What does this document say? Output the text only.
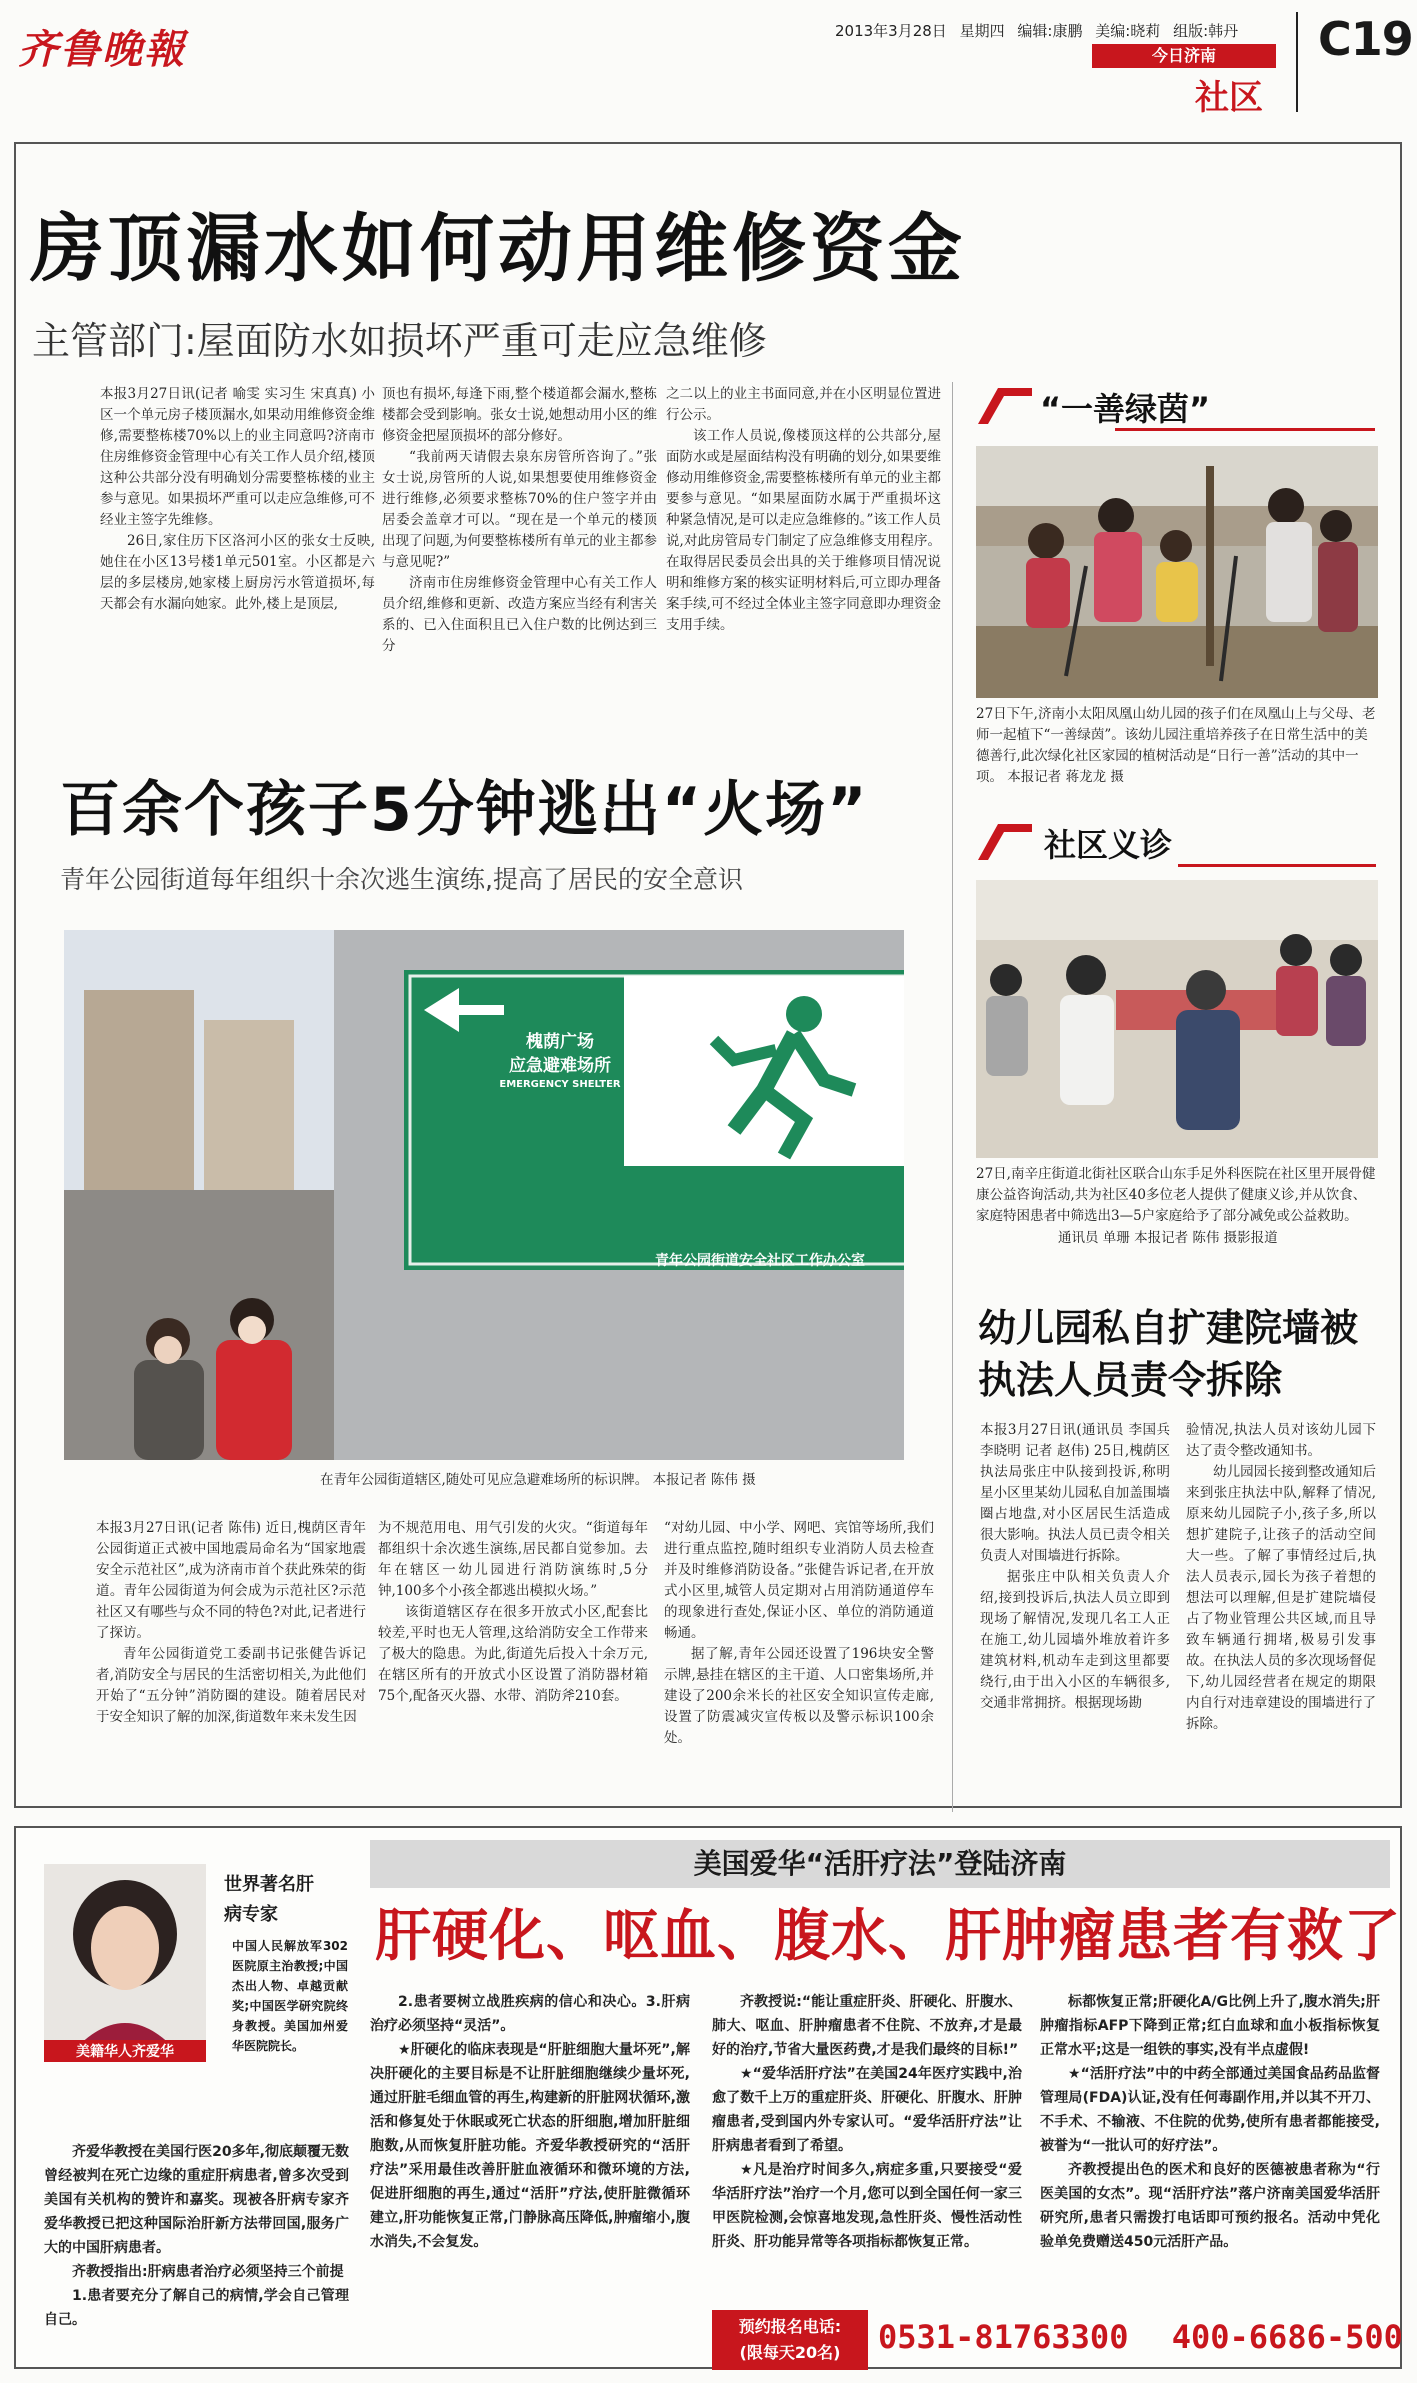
齐鲁晚報	2013年3月28日 星期四 编辑:康鹏 美编:晓莉 组版:韩丹
今日济南
社区
C19
房顶漏水如何动用维修资金
主管部门:屋面防水如损坏严重可走应急维修

本报3月27日讯(记者 喻雯 实习生 宋真真) 小区一个单元房子楼顶漏水,如果动用维修资金维修,需要整栋楼70%以上的业主同意吗?济南市住房维修资金管理中心有关工作人员介绍,楼顶这种公共部分没有明确划分需要整栋楼的业主参与意见。如果损坏严重可以走应急维修,可不经业主签字先维修。

26日,家住历下区洛河小区的张女士反映,她住在小区13号楼1单元501室。小区都是六层的多层楼房,她家楼上厨房污水管道损坏,每天都会有水漏向她家。此外,楼上是顶层,

顶也有损坏,每逢下雨,整个楼道都会漏水,整栋楼都会受到影响。张女士说,她想动用小区的维修资金把屋顶损坏的部分修好。

“我前两天请假去泉东房管所咨询了。”张女士说,房管所的人说,如果想要使用维修资金进行维修,必须要求整栋70%的住户签字并由居委会盖章才可以。“现在是一个单元的楼顶出现了问题,为何要整栋楼所有单元的业主都参与意见呢?”

济南市住房维修资金管理中心有关工作人员介绍,维修和更新、改造方案应当经有利害关系的、已入住面积且已入住户数的比例达到三分

之二以上的业主书面同意,并在小区明显位置进行公示。

该工作人员说,像楼顶这样的公共部分,屋面防水或是屋面结构没有明确的划分,如果要维修动用维修资金,需要整栋楼所有单元的业主都要参与意见。“如果屋面防水属于严重损坏这种紧急情况,是可以走应急维修的。”该工作人员说,对此房管局专门制定了应急维修支用程序。在取得居民委员会出具的关于维修项目情况说明和维修方案的核实证明材料后,可立即办理备案手续,可不经过全体业主签字同意即办理资金支用手续。

“一善绿茵”
27日下午,济南小太阳凤凰山幼儿园的孩子们在凤凰山上与父母、老师一起植下“一善绿茵”。该幼儿园注重培养孩子在日常生活中的美德善行,此次绿化社区家园的植树活动是“日行一善”活动的其中一项。 本报记者 蒋龙龙 摄
社区义诊
27日,南辛庄街道北街社区联合山东手足外科医院在社区里开展骨健康公益咨询活动,共为社区40多位老人提供了健康义诊,并从饮食、家庭特困患者中筛选出3—5户家庭给予了部分减免或公益救助。
通讯员 单珊 本报记者 陈伟 摄影报道
幼儿园私自扩建院墙被执法人员责令拆除

本报3月27日讯(通讯员 李国兵 李晓明 记者 赵伟) 25日,槐荫区执法局张庄中队接到投诉,称明星小区里某幼儿园私自加盖围墙圈占地盘,对小区居民生活造成很大影响。执法人员已责令相关负责人对围墙进行拆除。

据张庄中队相关负责人介绍,接到投诉后,执法人员立即到现场了解情况,发现几名工人正在施工,幼儿园墙外堆放着许多建筑材料,机动车走到这里都要绕行,由于出入小区的车辆很多,交通非常拥挤。根据现场勘

验情况,执法人员对该幼儿园下达了责令整改通知书。

幼儿园园长接到整改通知后来到张庄执法中队,解释了情况,原来幼儿园院子小,孩子多,所以想扩建院子,让孩子的活动空间大一些。了解了事情经过后,执法人员表示,园长为孩子着想的想法可以理解,但是扩建院墙侵占了物业管理公共区域,而且导致车辆通行拥堵,极易引发事故。在执法人员的多次现场督促下,幼儿园经营者在规定的期限内自行对违章建设的围墙进行了拆除。

百余个孩子5分钟逃出“火场”
青年公园街道每年组织十余次逃生演练,提高了居民的安全意识
槐荫广场
应急避难场所
EMERGENCY SHELTER
青年公园街道安全社区工作办公室
在青年公园街道辖区,随处可见应急避难场所的标识牌。 本报记者 陈伟 摄

本报3月27日讯(记者 陈伟) 近日,槐荫区青年公园街道正式被中国地震局命名为“国家地震安全示范社区”,成为济南市首个获此殊荣的街道。青年公园街道为何会成为示范社区?示范社区又有哪些与众不同的特色?对此,记者进行了探访。

青年公园街道党工委副书记张健告诉记者,消防安全与居民的生活密切相关,为此他们开始了“五分钟”消防圈的建设。随着居民对于安全知识了解的加深,街道数年来未发生因

为不规范用电、用气引发的火灾。“街道每年都组织十余次逃生演练,居民都自觉参加。去年在辖区一幼儿园进行消防演练时,5分钟,100多个小孩全都逃出模拟火场。”

该街道辖区存在很多开放式小区,配套比较差,平时也无人管理,这给消防安全工作带来了极大的隐患。为此,街道先后投入十余万元,在辖区所有的开放式小区设置了消防器材箱75个,配备灭火器、水带、消防斧210套。

“对幼儿园、中小学、网吧、宾馆等场所,我们进行重点监控,随时组织专业消防人员去检查并及时维修消防设备。”张健告诉记者,在开放式小区里,城管人员定期对占用消防通道停车的现象进行查处,保证小区、单位的消防通道畅通。

据了解,青年公园还设置了196块安全警示牌,悬挂在辖区的主干道、人口密集场所,并建设了200余米长的社区安全知识宣传走廊,设置了防震减灾宣传板以及警示标识100余处。

美籍华人齐爱华
世界著名肝病专家
中国人民解放军302医院原主治教授;中国杰出人物、卓越贡献奖;中国医学研究院终身教授。美国加州爱华医院院长。
美国爱华“活肝疗法”登陆济南
肝硬化、呕血、腹水、肝肿瘤患者有救了

齐爱华教授在美国行医20多年,彻底颠覆无数曾经被判在死亡边缘的重症肝病患者,曾多次受到美国有关机构的赞许和嘉奖。现被各肝病专家齐爱华教授已把这种国际治肝新方法带回国,服务广大的中国肝病患者。

齐教授指出:肝病患者治疗必须坚持三个前提

1.患者要充分了解自己的病情,学会自己管理自己。

2.患者要树立战胜疾病的信心和决心。3.肝病治疗必须坚持“灵活”。

★肝硬化的临床表现是“肝脏细胞大量坏死”,解决肝硬化的主要目标是不让肝脏细胞继续少量坏死,通过肝脏毛细血管的再生,构建新的肝脏网状循环,激活和修复处于休眠或死亡状态的肝细胞,增加肝脏细胞数,从而恢复肝脏功能。齐爱华教授研究的“活肝疗法”采用最佳改善肝脏血液循环和微环境的方法,促进肝细胞的再生,通过“活肝”疗法,使肝脏微循环建立,肝功能恢复正常,门静脉高压降低,肿瘤缩小,腹水消失,不会复发。

齐教授说:“能让重症肝炎、肝硬化、肝腹水、肺大、呕血、肝肿瘤患者不住院、不放弃,才是最好的治疗,节省大量医药费,才是我们最终的目标!”

★“爱华活肝疗法”在美国24年医疗实践中,治愈了数千上万的重症肝炎、肝硬化、肝腹水、肝肿瘤患者,受到国内外专家认可。“爱华活肝疗法”让肝病患者看到了希望。

★凡是治疗时间多久,病症多重,只要接受“爱华活肝疗法”治疗一个月,您可以到全国任何一家三甲医院检测,会惊喜地发现,急性肝炎、慢性活动性肝炎、肝功能异常等各项指标都恢复正常。

标都恢复正常;肝硬化A/G比例上升了,腹水消失;肝肿瘤指标AFP下降到正常;红白血球和血小板指标恢复正常水平;这是一组铁的事实,没有半点虚假!

★“活肝疗法”中的中药全部通过美国食品药品监督管理局(FDA)认证,没有任何毒副作用,并以其不开刀、不手术、不输液、不住院的优势,使所有患者都能接受,被誉为“一批认可的好疗法”。

齐教授提出色的医术和良好的医德被患者称为“行医美国的女杰”。现“活肝疗法”落户济南美国爱华活肝研究所,患者只需拨打电话即可预约报名。活动中凭化验单免费赠送450元活肝产品。

预约报名电话:
(限每天20名)	0531-81763300 400-6686-500
